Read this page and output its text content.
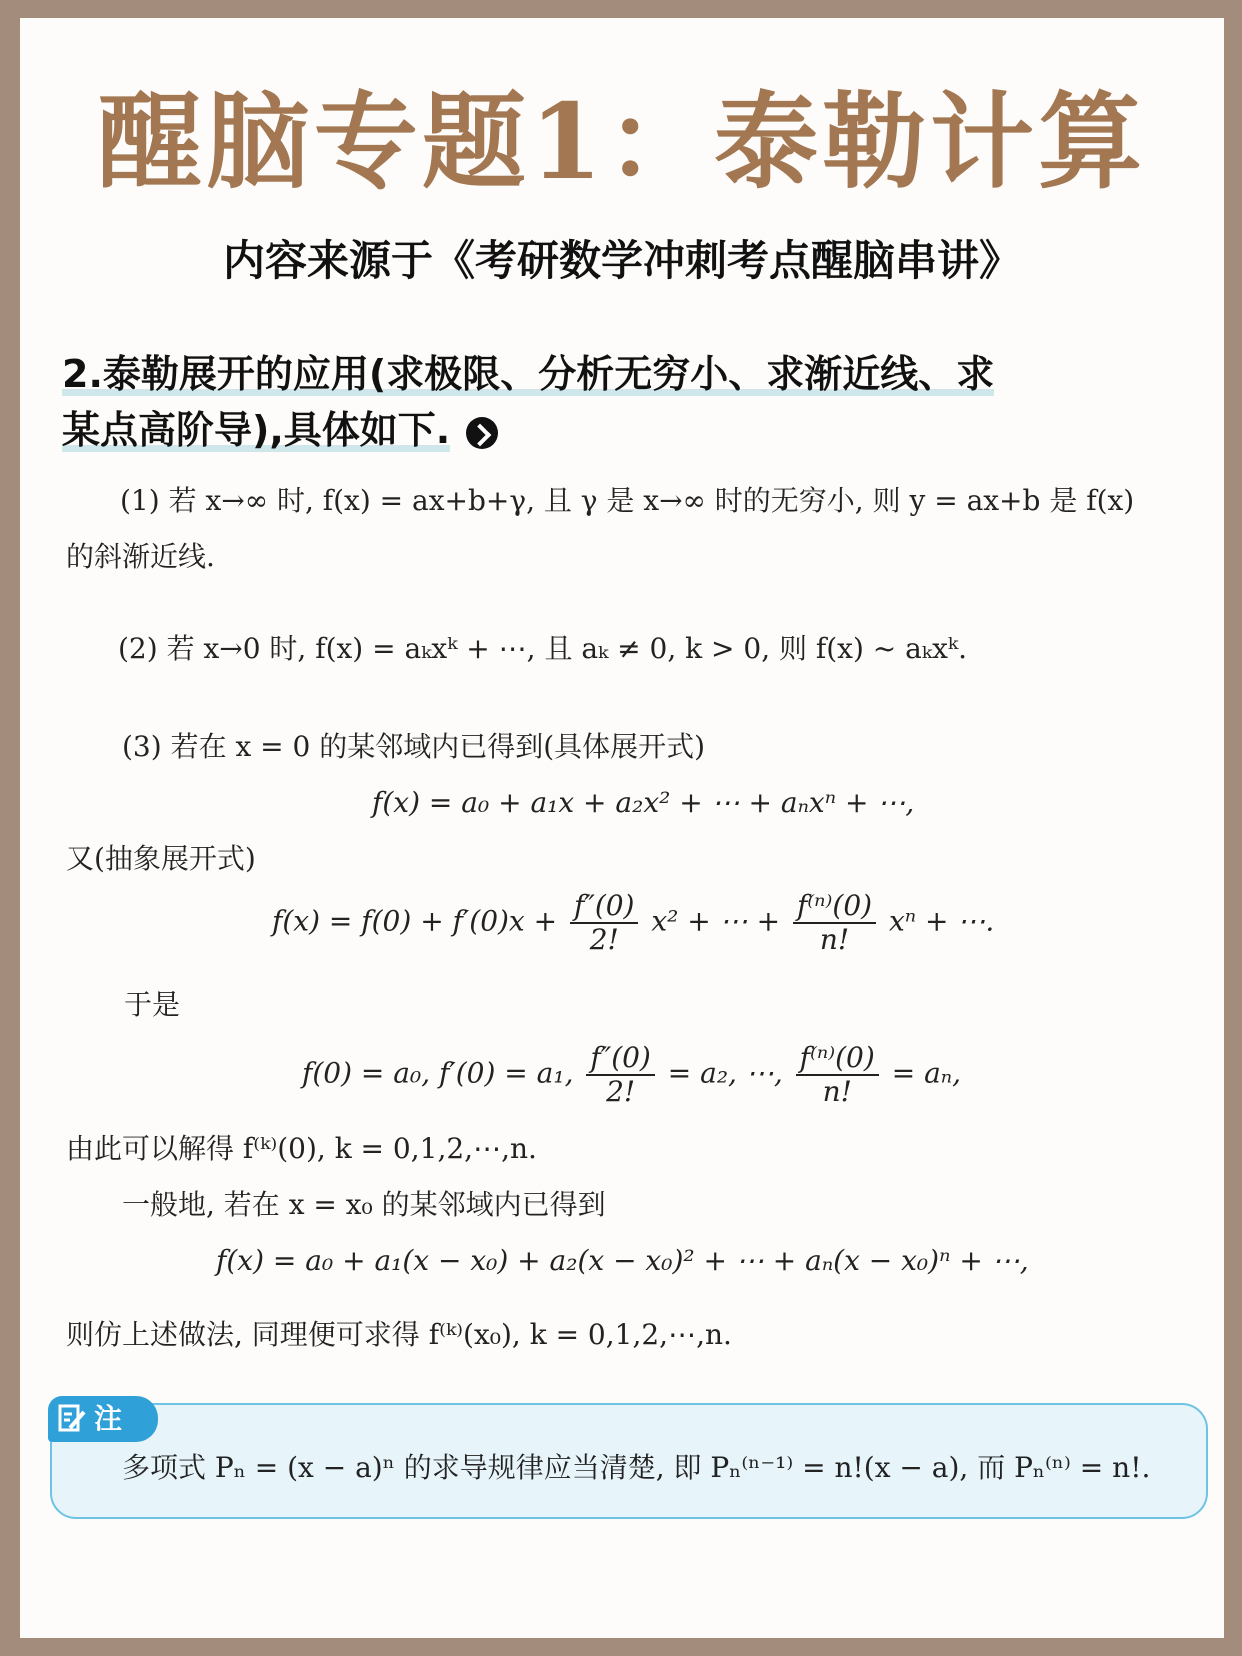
醒脑专题1：泰勒计算
内容来源于《考研数学冲刺考点醒脑串讲》
2.泰勒展开的应用(求极限、分析无穷小、求渐近线、求
某点高阶导),具体如下.
(1) 若 x→∞ 时, f(x) = ax+b+γ, 且 γ 是 x→∞ 时的无穷小, 则 y = ax+b 是 f(x)
的斜渐近线.
(2) 若 x→0 时, f(x) = aₖxᵏ + ⋯, 且 aₖ ≠ 0, k > 0, 则 f(x) ~ aₖxᵏ.
(3) 若在 x = 0 的某邻域内已得到(具体展开式)
f(x) = a₀ + a₁x + a₂x² + ⋯ + aₙxⁿ + ⋯,
又(抽象展开式)
$f(x) = f(0) + f'(0)x + \frac{f''(0)}{2!} x^2$ + ⋯ + $\frac{\text{f⁽ⁿ⁾(0)}}{n!}$ xⁿ + ⋯.
于是
f(0) = a₀, f′(0) = a₁, $\frac{f''(0)}{2!} = a_2$, ⋯, $\frac{\text{f⁽ⁿ⁾(0)}}{n!} = a_n$,
由此可以解得 f⁽ᵏ⁾(0), k = 0,1,2,⋯,n.
一般地, 若在 x = x₀ 的某邻域内已得到
f(x) = a₀ + a₁(x − x₀) + a₂(x − x₀)² + ⋯ + aₙ(x − x₀)ⁿ + ⋯,
则仿上述做法, 同理便可求得 f⁽ᵏ⁾(x₀), k = 0,1,2,⋯,n.
多项式 Pₙ = (x − a)ⁿ 的求导规律应当清楚, 即 Pₙ⁽ⁿ⁻¹⁾ = n!(x − a), 而 Pₙ⁽ⁿ⁾ = n!.
注
